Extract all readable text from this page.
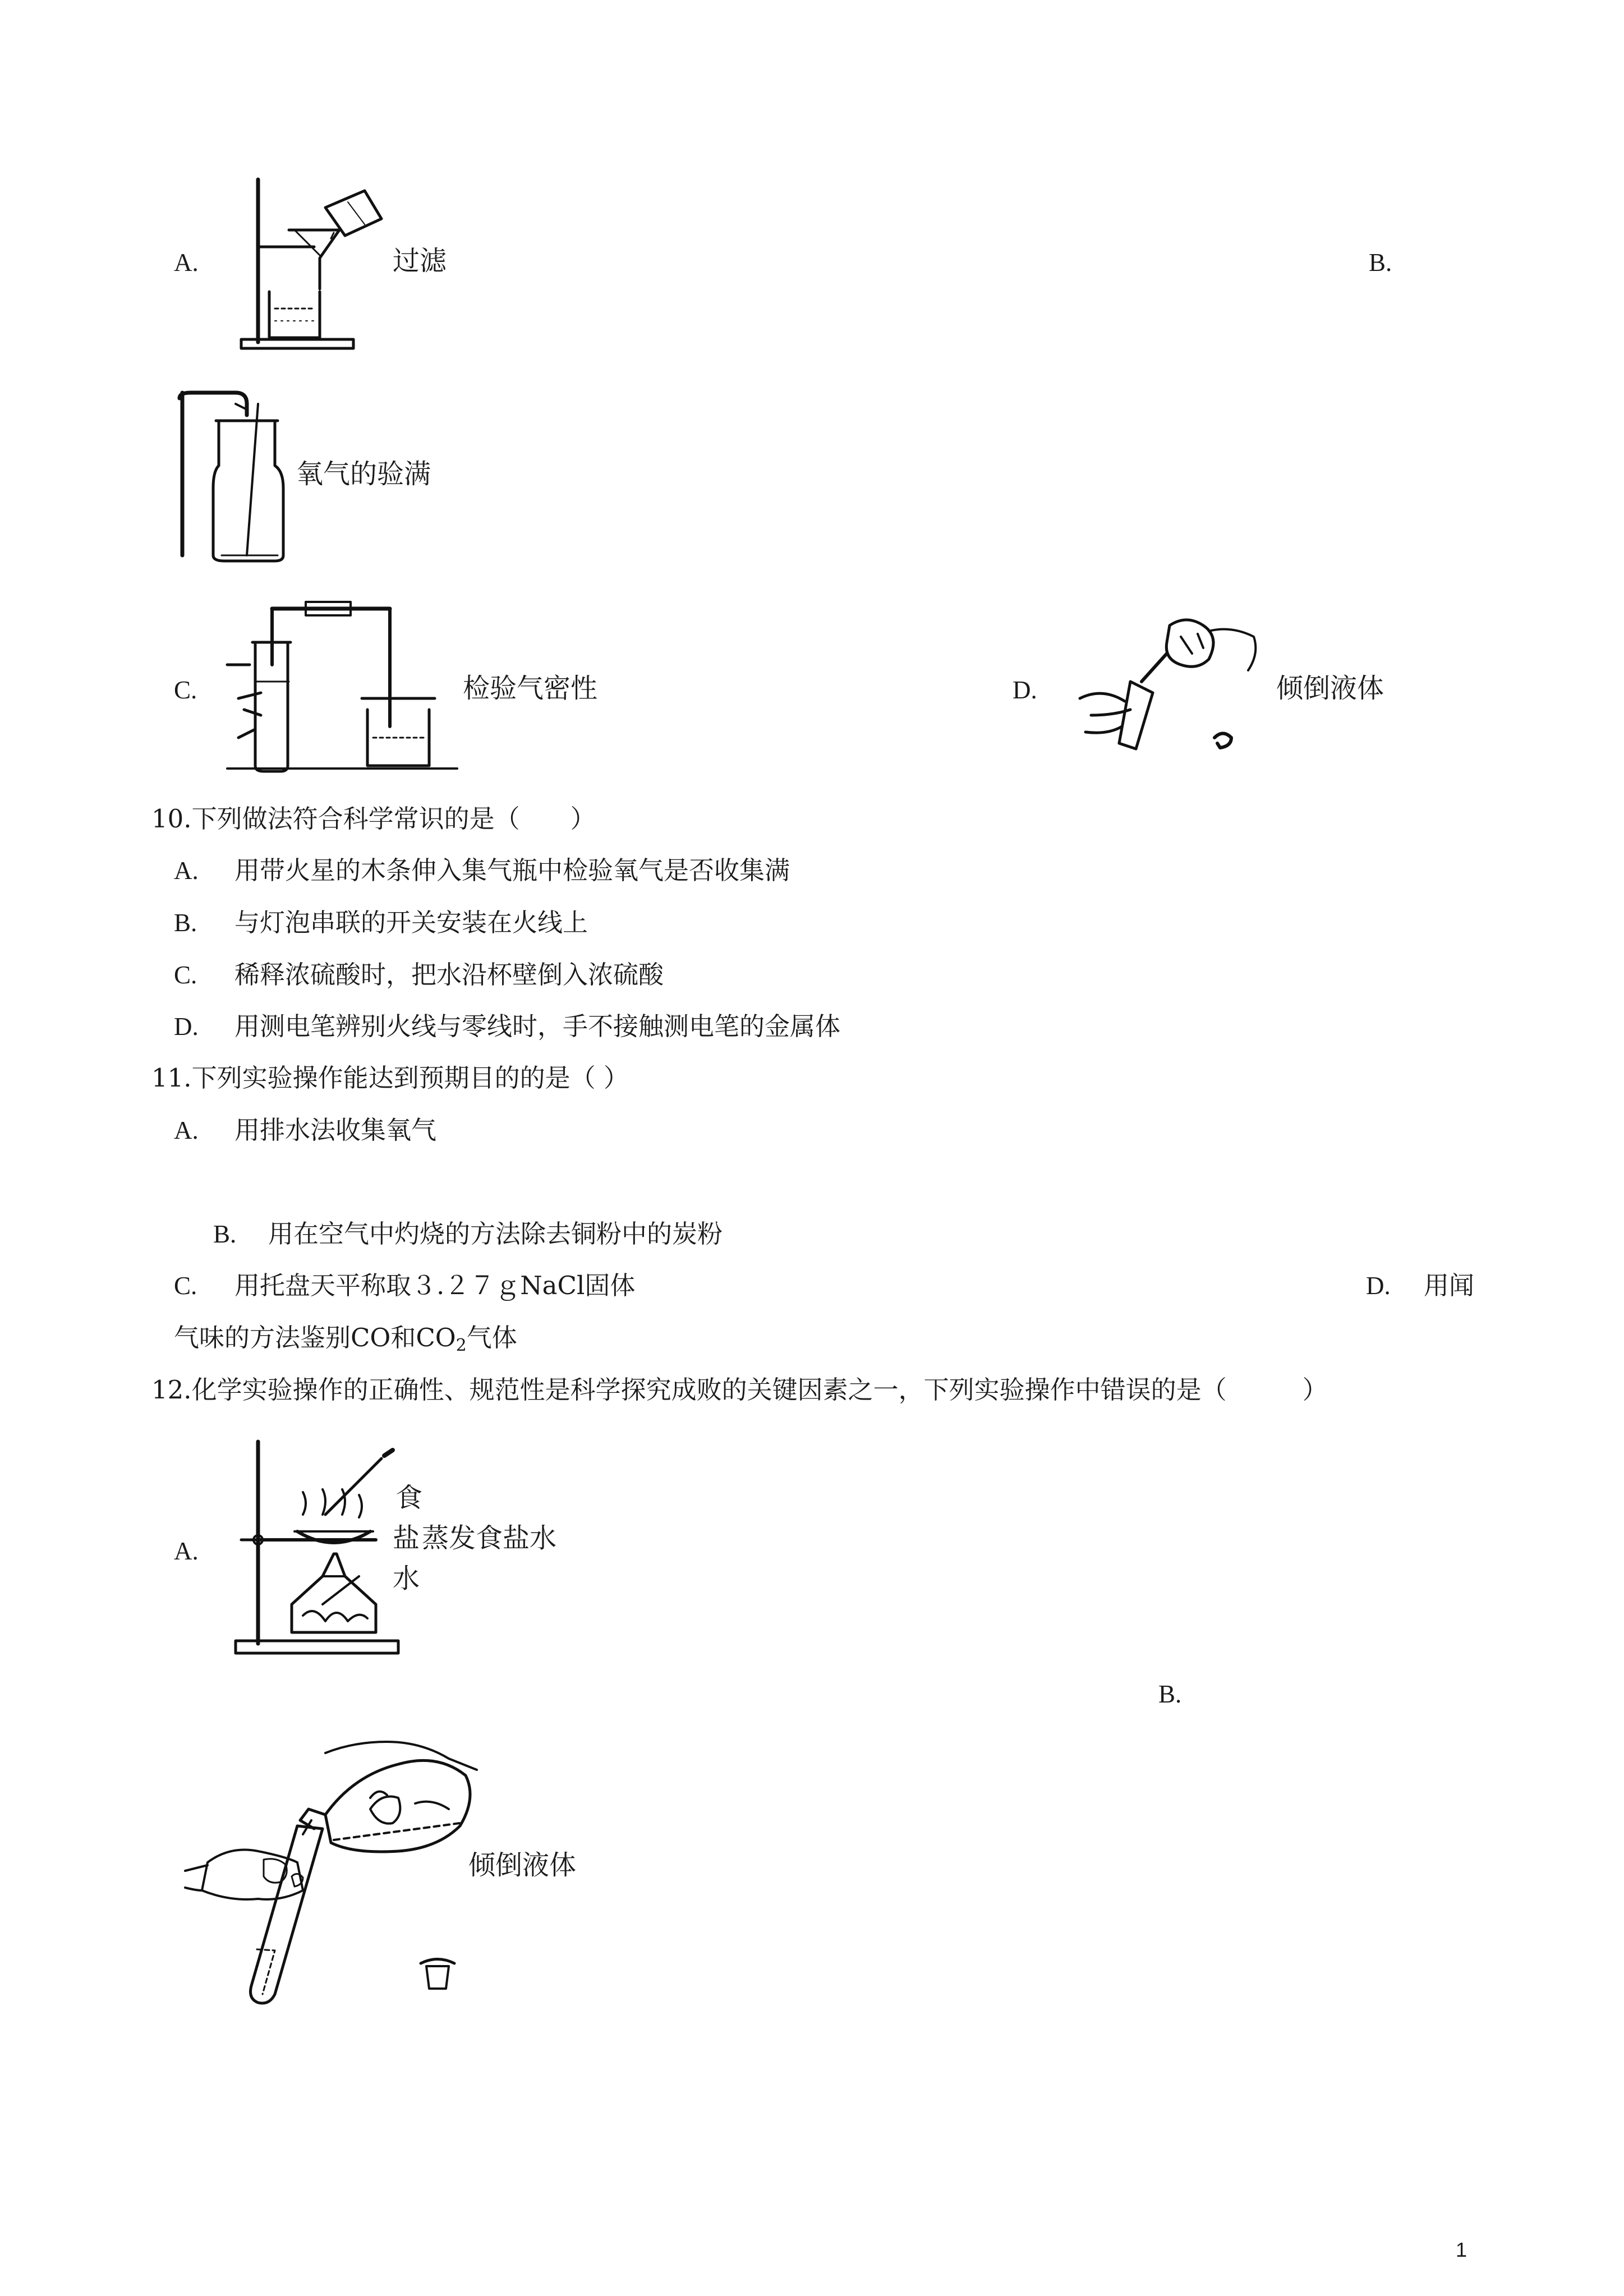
A.	过滤	B.
氧气的验满
C.	检验气密性	D.	倾倒液体
10.下列做法符合科学常识的是（　　）
A. 用带火星的木条伸入集气瓶中检验氧气是否收集满
B. 与灯泡串联的开关安装在火线上
C. 稀释浓硫酸时，把水沿杯壁倒入浓硫酸
D. 用测电笔辨别火线与零线时，手不接触测电笔的金属体
11.下列实验操作能达到预期目的的是（ ）
A. 用排水法收集氧气
B. 用在空气中灼烧的方法除去铜粉中的炭粉
C. 用托盘天平称取３.２７ｇNaCl固体	D. 用闻
气味的方法鉴别CO和$CO_2$气体
12.化学实验操作的正确性、规范性是科学探究成败的关键因素之一，下列实验操作中错误的是（　　　）
A.
食
盐 蒸发食盐水
水
B.
倾倒液体
1
